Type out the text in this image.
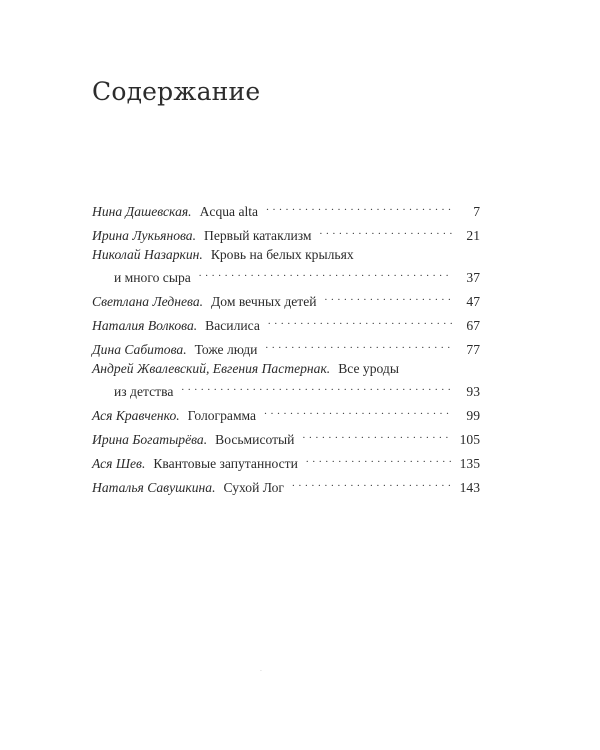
Содержание
Нина Дашевская. Acqua alta . . .	7
Ирина Лукьянова. Первый катаклизм . . .	21
Николай Назаркин. Кровь на белых крыльях
и много сыра . . .	37
Светлана Леднева. Дом вечных детей . . .	47
Наталия Волкова. Василиса . . .	67
Дина Сабитова. Тоже люди . . .	77
Андрей Жвалевский, Евгения Пастернак. Все уроды
из детства . . .	93
Ася Кравченко. Голограмма . . .	99
Ирина Богатырёва. Восьмисотый . . .	105
Ася Шев. Квантовые запутанности . . .	135
Наталья Савушкина. Сухой Лог . . .	143
.
